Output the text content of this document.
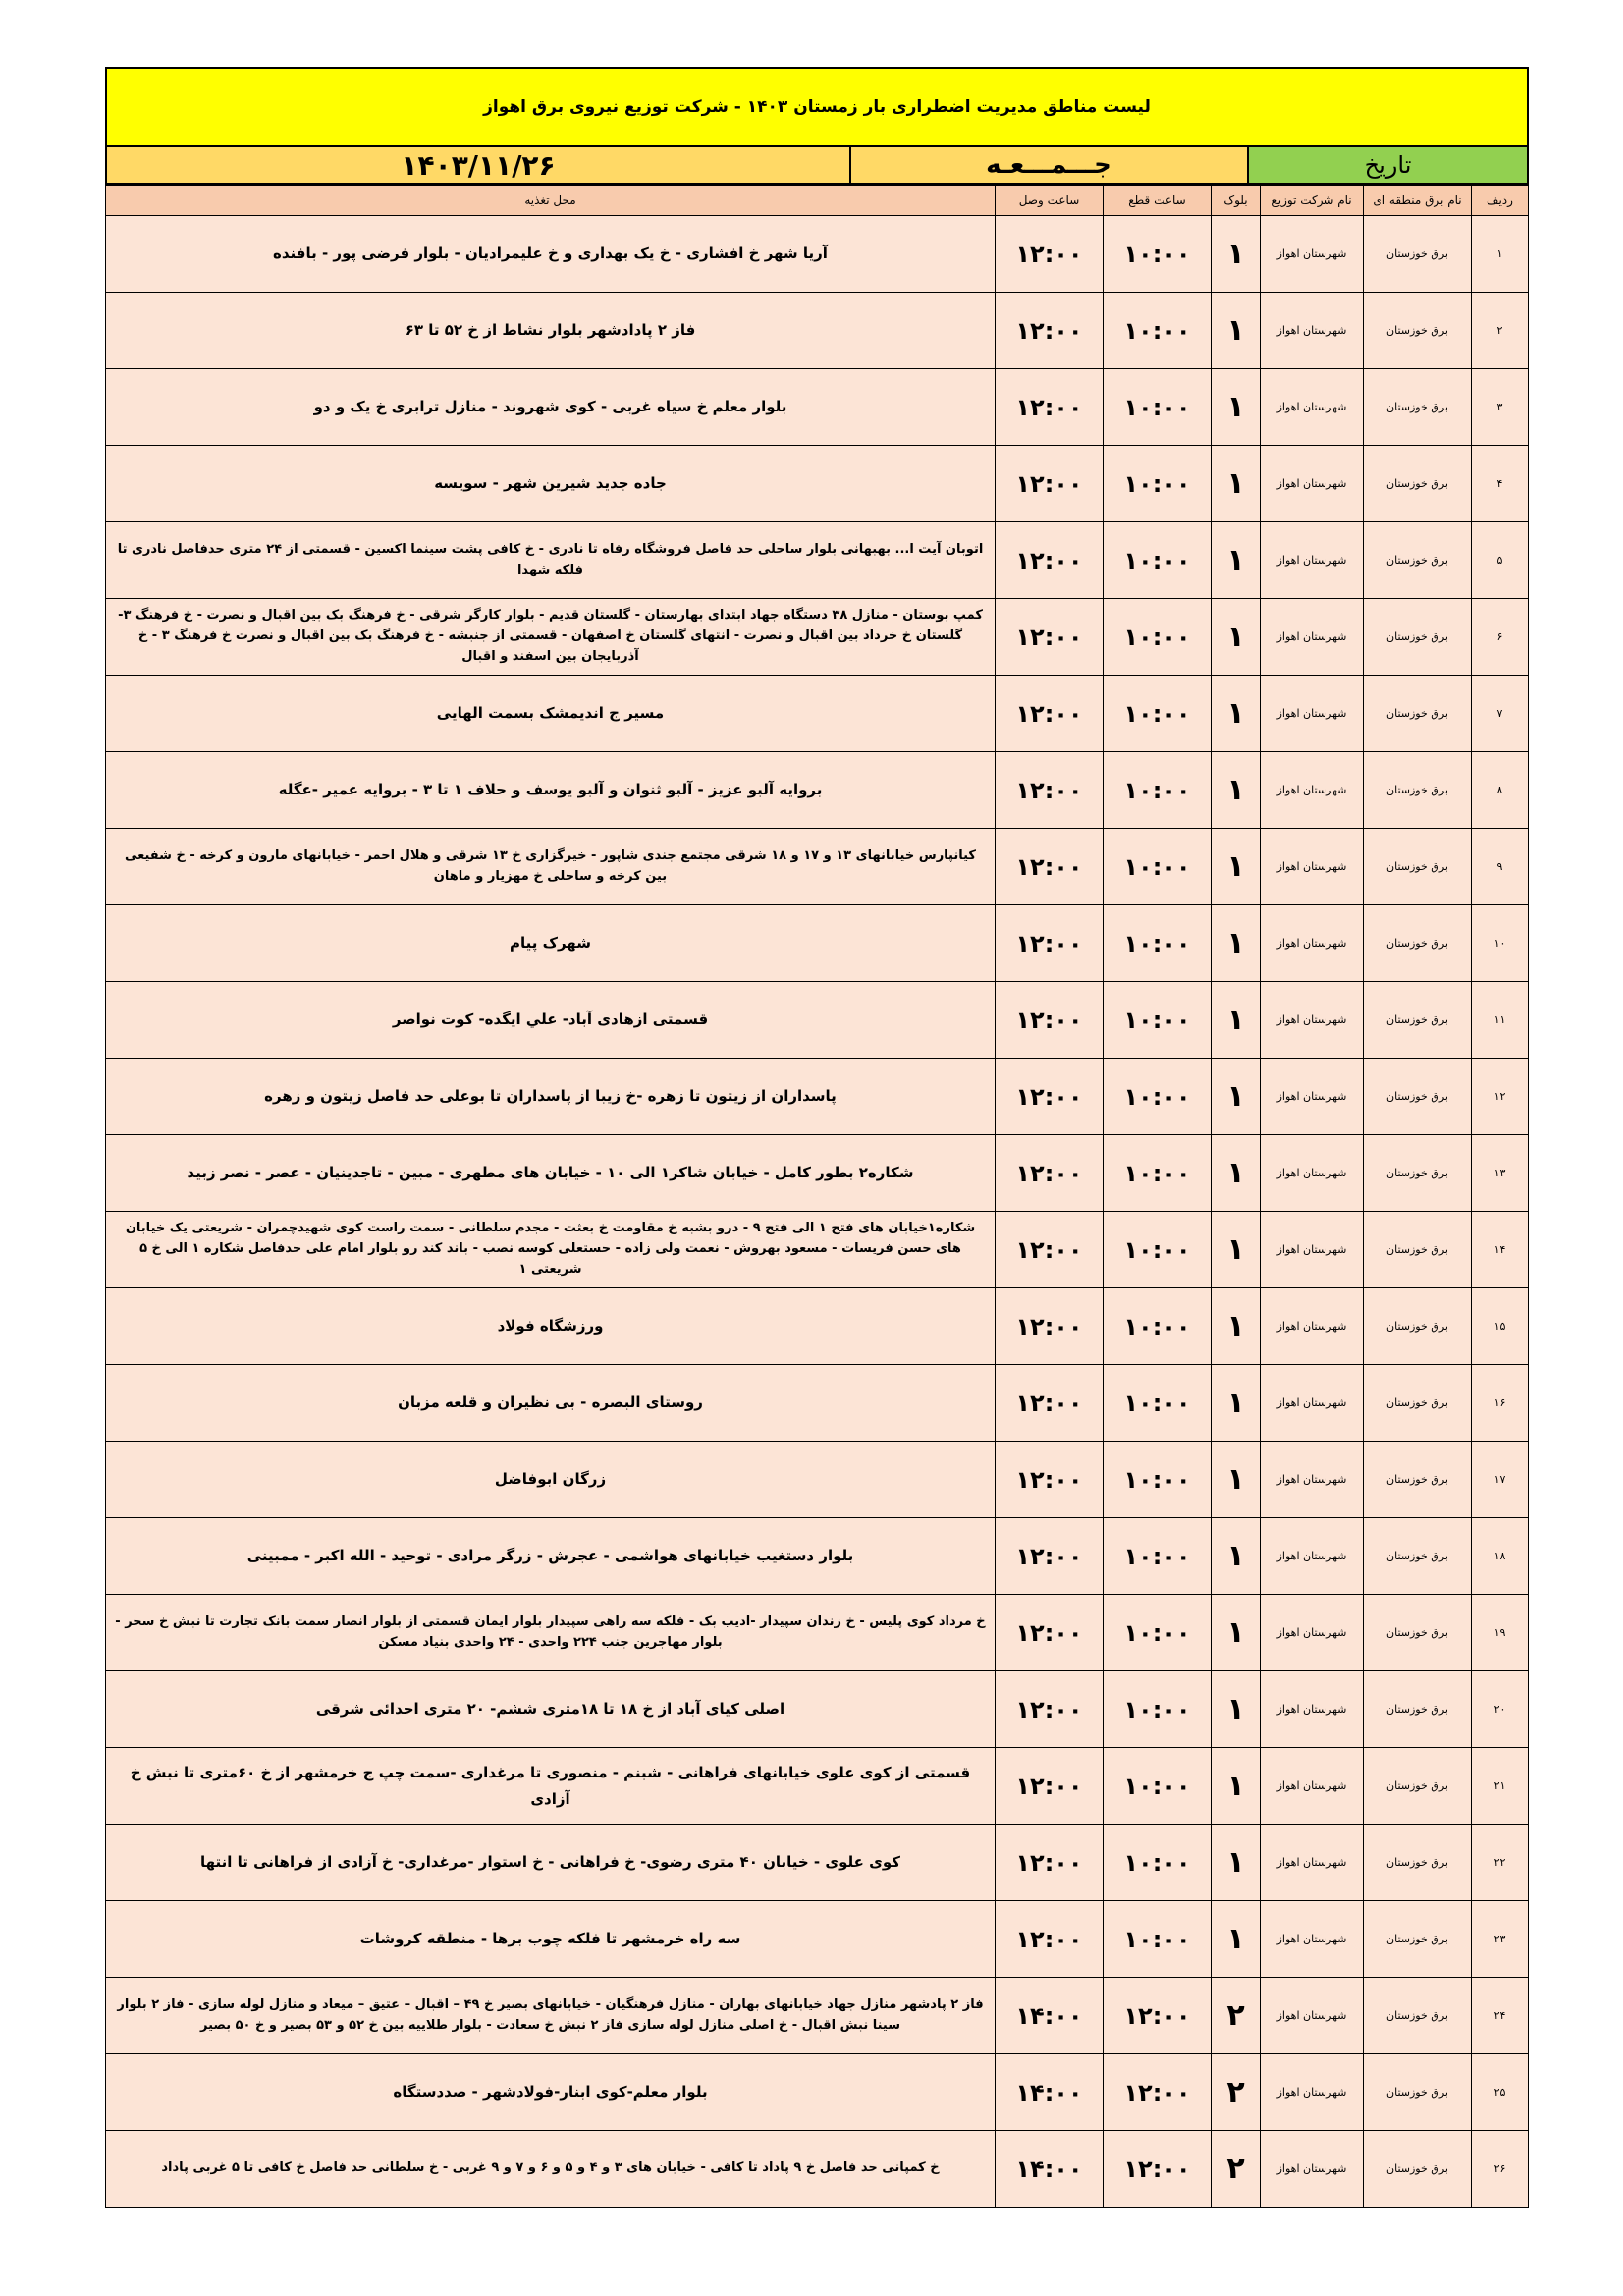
لیست مناطق مدیریت اضطراری بار زمستان ۱۴۰۳ - شرکت توزیع نیروی برق اهواز
تاریخ
جـــمـــعـه
۱۴۰۳/۱۱/۲۶
ردیف	نام برق منطقه ای	نام شرکت توزیع	بلوک	ساعت قطع	ساعت وصل	محل تغذیه
۱	برق خوزستان	شهرستان اهواز	۱	۱۰:۰۰	۱۲:۰۰	آریا شهر خ افشاری - خ یک بهداری و خ علیمرادیان - بلوار فرضی پور - بافنده
۲	برق خوزستان	شهرستان اهواز	۱	۱۰:۰۰	۱۲:۰۰	فاز ۲ پادادشهر بلوار نشاط از خ ۵۲ تا ۶۳
۳	برق خوزستان	شهرستان اهواز	۱	۱۰:۰۰	۱۲:۰۰	بلوار معلم خ سیاه غربی - کوی شهروند - منازل ترابری خ یک و دو
۴	برق خوزستان	شهرستان اهواز	۱	۱۰:۰۰	۱۲:۰۰	جاده جدید شیرین شهر - سویسه
۵	برق خوزستان	شهرستان اهواز	۱	۱۰:۰۰	۱۲:۰۰	اتوبان آیت ا... بهبهانی بلوار ساحلی حد فاصل فروشگاه رفاه تا نادری - خ کافی پشت سینما اکسین - قسمتی از ۲۴ متری حدفاصل نادری تا فلکه شهدا
۶	برق خوزستان	شهرستان اهواز	۱	۱۰:۰۰	۱۲:۰۰	کمپ بوستان - منازل ۳۸ دستگاه جهاد ابتدای بهارستان - گلستان قدیم - بلوار کارگر شرقی - خ فرهنگ بک بین اقبال و نصرت - خ فرهنگ ۳- گلستان خ خرداد بین اقبال و نصرت - انتهای گلستان خ اصفهان - قسمتی از جنبشه - خ فرهنگ بک بین اقبال و نصرت خ فرهنگ ۳ - خ آذربایجان بین اسفند و اقبال
۷	برق خوزستان	شهرستان اهواز	۱	۱۰:۰۰	۱۲:۰۰	مسیر ج اندیمشک بسمت الهایی
۸	برق خوزستان	شهرستان اهواز	۱	۱۰:۰۰	۱۲:۰۰	بروایه آلبو عزیز - آلبو ثنوان و آلبو یوسف و حلاف ۱ تا ۳ - بروایه عمیر -عگله
۹	برق خوزستان	شهرستان اهواز	۱	۱۰:۰۰	۱۲:۰۰	کیانپارس خیابانهای ۱۳ و ۱۷ و ۱۸ شرقی مجتمع جندی شاپور - خیرگزاری خ ۱۳ شرقی و هلال احمر - خیابانهای مارون و کرخه - خ شفیعی بین کرخه و ساحلی خ مهزیار و ماهان
۱۰	برق خوزستان	شهرستان اهواز	۱	۱۰:۰۰	۱۲:۰۰	شهرک پیام
۱۱	برق خوزستان	شهرستان اهواز	۱	۱۰:۰۰	۱۲:۰۰	قسمتی ازهادی آباد- علي ايگده- کوت نواصر
۱۲	برق خوزستان	شهرستان اهواز	۱	۱۰:۰۰	۱۲:۰۰	پاسداران از زیتون تا زهره -خ زیبا از پاسداران تا بوعلی حد فاصل زیتون و زهره
۱۳	برق خوزستان	شهرستان اهواز	۱	۱۰:۰۰	۱۲:۰۰	شکاره۲ بطور کامل - خیابان شاکر۱ الی ۱۰ - خیابان های مطهری - مبین - تاجدینیان - عصر - نصر زبید
۱۴	برق خوزستان	شهرستان اهواز	۱	۱۰:۰۰	۱۲:۰۰	شکاره۱خیابان های فتح ۱ الی فتح ۹ - درو بشبه خ مقاومت خ بعثت - مجدم سلطانی - سمت راست کوی شهیدچمران - شریعتی یک خیابان های حسن فریسات - مسعود بهروش - نعمت ولی زاده - حستعلی کوسه نصب - باند کند رو بلوار امام علی حدفاصل شکاره ۱ الی خ ۵ شریعتی ۱
۱۵	برق خوزستان	شهرستان اهواز	۱	۱۰:۰۰	۱۲:۰۰	ورزشگاه فولاد
۱۶	برق خوزستان	شهرستان اهواز	۱	۱۰:۰۰	۱۲:۰۰	روستای البصره - بی نظیران و قلعه مزبان
۱۷	برق خوزستان	شهرستان اهواز	۱	۱۰:۰۰	۱۲:۰۰	زرگان ابوفاضل
۱۸	برق خوزستان	شهرستان اهواز	۱	۱۰:۰۰	۱۲:۰۰	بلوار دستغیب خیابانهای هواشمی - عجرش - زرگر مرادی - توحید - الله اکبر - ممبینی
۱۹	برق خوزستان	شهرستان اهواز	۱	۱۰:۰۰	۱۲:۰۰	خ مرداد کوی پلیس - خ زندان سپیدار -ادیب بک - فلکه سه راهی سپیدار بلوار ایمان قسمتی از بلوار انصار سمت بانک تجارت تا نبش خ سحر - بلوار مهاجرین جنب ۲۲۴ واحدی - ۲۴ واحدی بنیاد مسکن
۲۰	برق خوزستان	شهرستان اهواز	۱	۱۰:۰۰	۱۲:۰۰	اصلی کیای آباد از خ ۱۸ تا ۱۸متری ششم- ۲۰ متری احدائی شرقی
۲۱	برق خوزستان	شهرستان اهواز	۱	۱۰:۰۰	۱۲:۰۰	قسمتی از کوی علوی خیابانهای فراهانی - شبنم - منصوری تا مرغداری -سمت چپ ج خرمشهر از خ ۶۰متری تا نبش خ آزادی
۲۲	برق خوزستان	شهرستان اهواز	۱	۱۰:۰۰	۱۲:۰۰	کوی علوی - خیابان ۴۰ متری رضوی- خ فراهانی - خ استوار -مرغداری- خ آزادی از فراهانی تا انتها
۲۳	برق خوزستان	شهرستان اهواز	۱	۱۰:۰۰	۱۲:۰۰	سه راه خرمشهر تا فلکه چوب برها - منطقه کروشات
۲۴	برق خوزستان	شهرستان اهواز	۲	۱۲:۰۰	۱۴:۰۰	فاز ۲ پادشهر منازل جهاد خیابانهای بهاران - منازل فرهنگیان - خیابانهای بصیر خ ۴۹ – اقبال – عتیق – میعاد و منازل لوله سازی - فاز ۲ بلوار سینا نبش اقبال - خ اصلی منازل لوله سازی فاز ۲ نبش خ سعادت - بلوار طلاییه بین خ ۵۲ و ۵۳ بصیر و خ ۵۰ بصیر
۲۵	برق خوزستان	شهرستان اهواز	۲	۱۲:۰۰	۱۴:۰۰	بلوار معلم-کوی ابنار-فولادشهر - صددستگاه
۲۶	برق خوزستان	شهرستان اهواز	۲	۱۲:۰۰	۱۴:۰۰	خ کمپانی حد فاصل خ ۹ پاداد تا کافی - خیابان های ۳ و ۴ و ۵ و ۶ و ۷ و ۹ غربی - خ سلطانی حد فاصل خ کافی تا ۵ غربی پاداد
